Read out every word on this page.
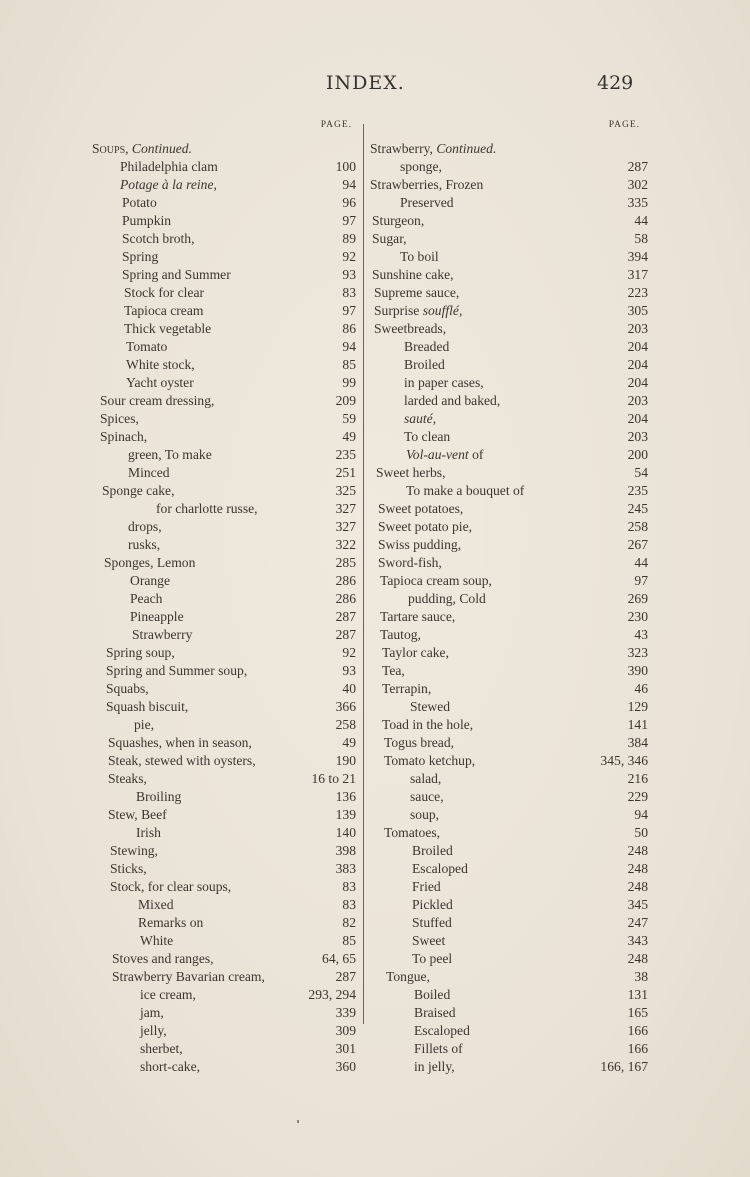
INDEX.	429
PAGE.
Soups, Continued.
Philadelphia clam	100
Potage à la reine,	94
Potato	96
Pumpkin	97
Scotch broth,	89
Spring	92
Spring and Summer	93
Stock for clear	83
Tapioca cream	97
Thick vegetable	86
Tomato	94
White stock,	85
Yacht oyster	99
Sour cream dressing,	209
Spices,	59
Spinach,	49
green, To make	235
Minced	251
Sponge cake,	325
for charlotte russe,	327
drops,	327
rusks,	322
Sponges, Lemon	285
Orange	286
Peach	286
Pineapple	287
Strawberry	287
Spring soup,	92
Spring and Summer soup,	93
Squabs,	40
Squash biscuit,	366
pie,	258
Squashes, when in season,	49
Steak, stewed with oysters,	190
Steaks,	16 to 21
Broiling	136
Stew, Beef	139
Irish	140
Stewing,	398
Sticks,	383
Stock, for clear soups,	83
Mixed	83
Remarks on	82
White	85
Stoves and ranges,	64, 65
Strawberry Bavarian cream,	287
ice cream,	293, 294
jam,	339
jelly,	309
sherbet,	301
short-cake,	360
PAGE.
Strawberry, Continued.
sponge,	287
Strawberries, Frozen	302
Preserved	335
Sturgeon,	44
Sugar,	58
To boil	394
Sunshine cake,	317
Supreme sauce,	223
Surprise soufflé,	305
Sweetbreads,	203
Breaded	204
Broiled	204
in paper cases,	204
larded and baked,	203
sauté,	204
To clean	203
Vol-au-vent of	200
Sweet herbs,	54
To make a bouquet of	235
Sweet potatoes,	245
Sweet potato pie,	258
Swiss pudding,	267
Sword-fish,	44
Tapioca cream soup,	97
pudding, Cold	269
Tartare sauce,	230
Tautog,	43
Taylor cake,	323
Tea,	390
Terrapin,	46
Stewed	129
Toad in the hole,	141
Togus bread,	384
Tomato ketchup,	345, 346
salad,	216
sauce,	229
soup,	94
Tomatoes,	50
Broiled	248
Escaloped	248
Fried	248
Pickled	345
Stuffed	247
Sweet	343
To peel	248
Tongue,	38
Boiled	131
Braised	165
Escaloped	166
Fillets of	166
in jelly,	166, 167
